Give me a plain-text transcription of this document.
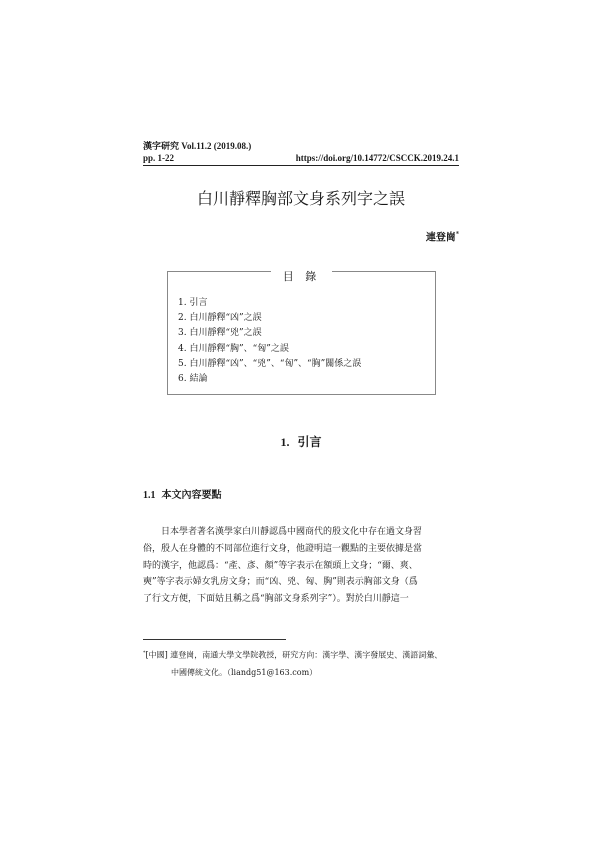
漢字研究 Vol.11.2 (2019.08.)
pp. 1-22	https://doi.org/10.14772/CSCCK.2019.24.1
白川靜釋胸部文身系列字之誤
連登崗*
目 錄
1. 引言
2. 白川靜釋“凶”之誤
3. 白川靜釋“兇”之誤
4. 白川靜釋“胸”、“匈”之誤
5. 白川靜釋“凶”、“兇”、“匈”、“胸”關係之誤
6. 結論
1. 引言
1.1 本文內容要點
日本學者著名漢學家白川靜認爲中國商代的殷文化中存在過文身習
俗，殷人在身體的不同部位進行文身，他證明這一觀點的主要依據是當
時的漢字，他認爲：“產、彥、顏”等字表示在額頭上文身；“爾、爽、
奭”等字表示婦女乳房文身；而“凶、兇、匈、胸”則表示胸部文身（爲
了行文方便，下面姑且稱之爲“胸部文身系列字”）。對於白川靜這一
*[中國] 連登崗，南通大學文學院教授，研究方向：漢字學、漢字發展史、漢語詞彙、
中國傳統文化。（liandg51@163.com）
